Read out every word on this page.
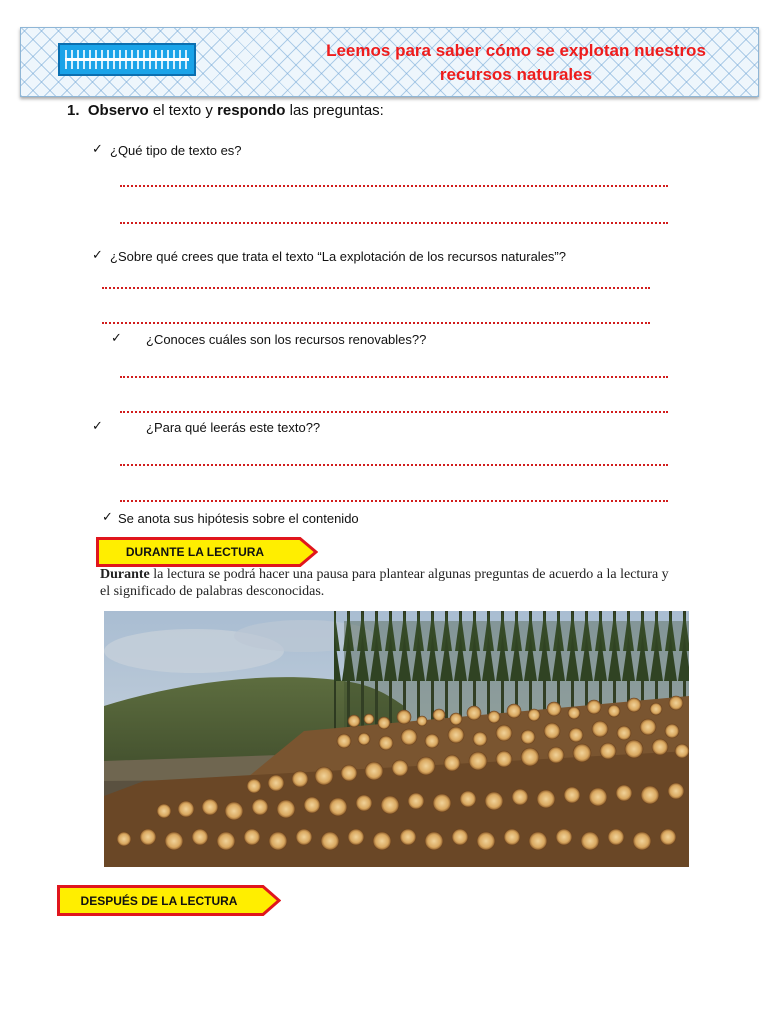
Leemos para saber cómo se explotan nuestros
recursos naturales
1. Observo el texto y respondo las preguntas:
✓ ¿Qué tipo de texto es?
✓ ¿Sobre qué crees que trata el texto “La explotación de los recursos naturales”?
✓ ¿Conoces cuáles son los recursos renovables??
✓	¿Para qué leerás este texto??
✓ Se anota sus hipótesis sobre el contenido
DURANTE LA LECTURA
Durante la lectura se podrá hacer una pausa para plantear algunas preguntas de acuerdo a la lectura y el significado de palabras desconocidas.
DESPUÉS DE LA LECTURA
